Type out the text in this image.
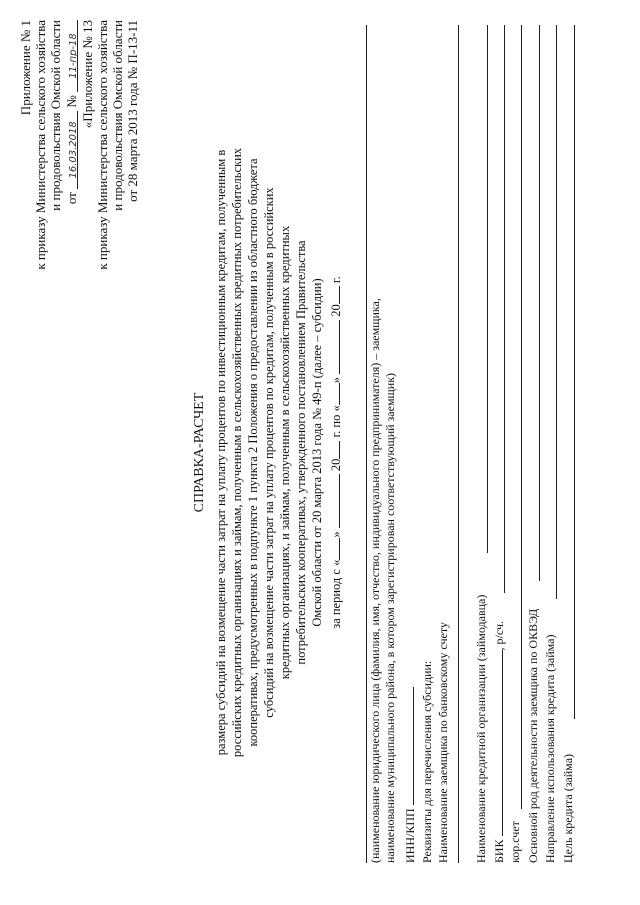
Приложение № 1 к приказу Министерства сельского хозяйства и продовольствия Омской области от 16.03.2018 № 11-пр-18 «Приложение № 13 к приказу Министерства сельского хозяйства и продовольствия Омской области от 28 марта 2013 года № П-13-11
СПРАВКА-РАСЧЕТ размера субсидий на возмещение части затрат на уплату процентов по инвестиционным кредитам, полученным в российских кредитных организациях и займам, полученным в сельскохозяйственных кредитных потребительских кооперативах, предусмотренных в подпункте 1 пункта 2 Положения о предоставлении из областного бюджета субсидий на возмещение части затрат на уплату процентов по кредитам, полученным в российских кредитных организациях, и займам, полученным в сельскохозяйственных кредитных потребительских кооперативах, утвержденного постановлением Правительства Омской области от 20 марта 2013 года № 49-п (далее – субсидии) за период с «»  20 г. по «»  20 г.
(наименование юридического лица (фамилия, имя, отчество, индивидуального предпринимателя) – заемщика, наименование муниципального района, в котором зарегистрирован соответствующий заемщик) ИНН/КПП Реквизиты для перечисления субсидии: Наименование заемщика по банковскому счету Наименование кредитной организации (займодавца) БИК , р/сч.
кор.счет Основной род деятельности заемщика по ОКВЭД Направление использования кредита (займа) Цель кредита (займа)
